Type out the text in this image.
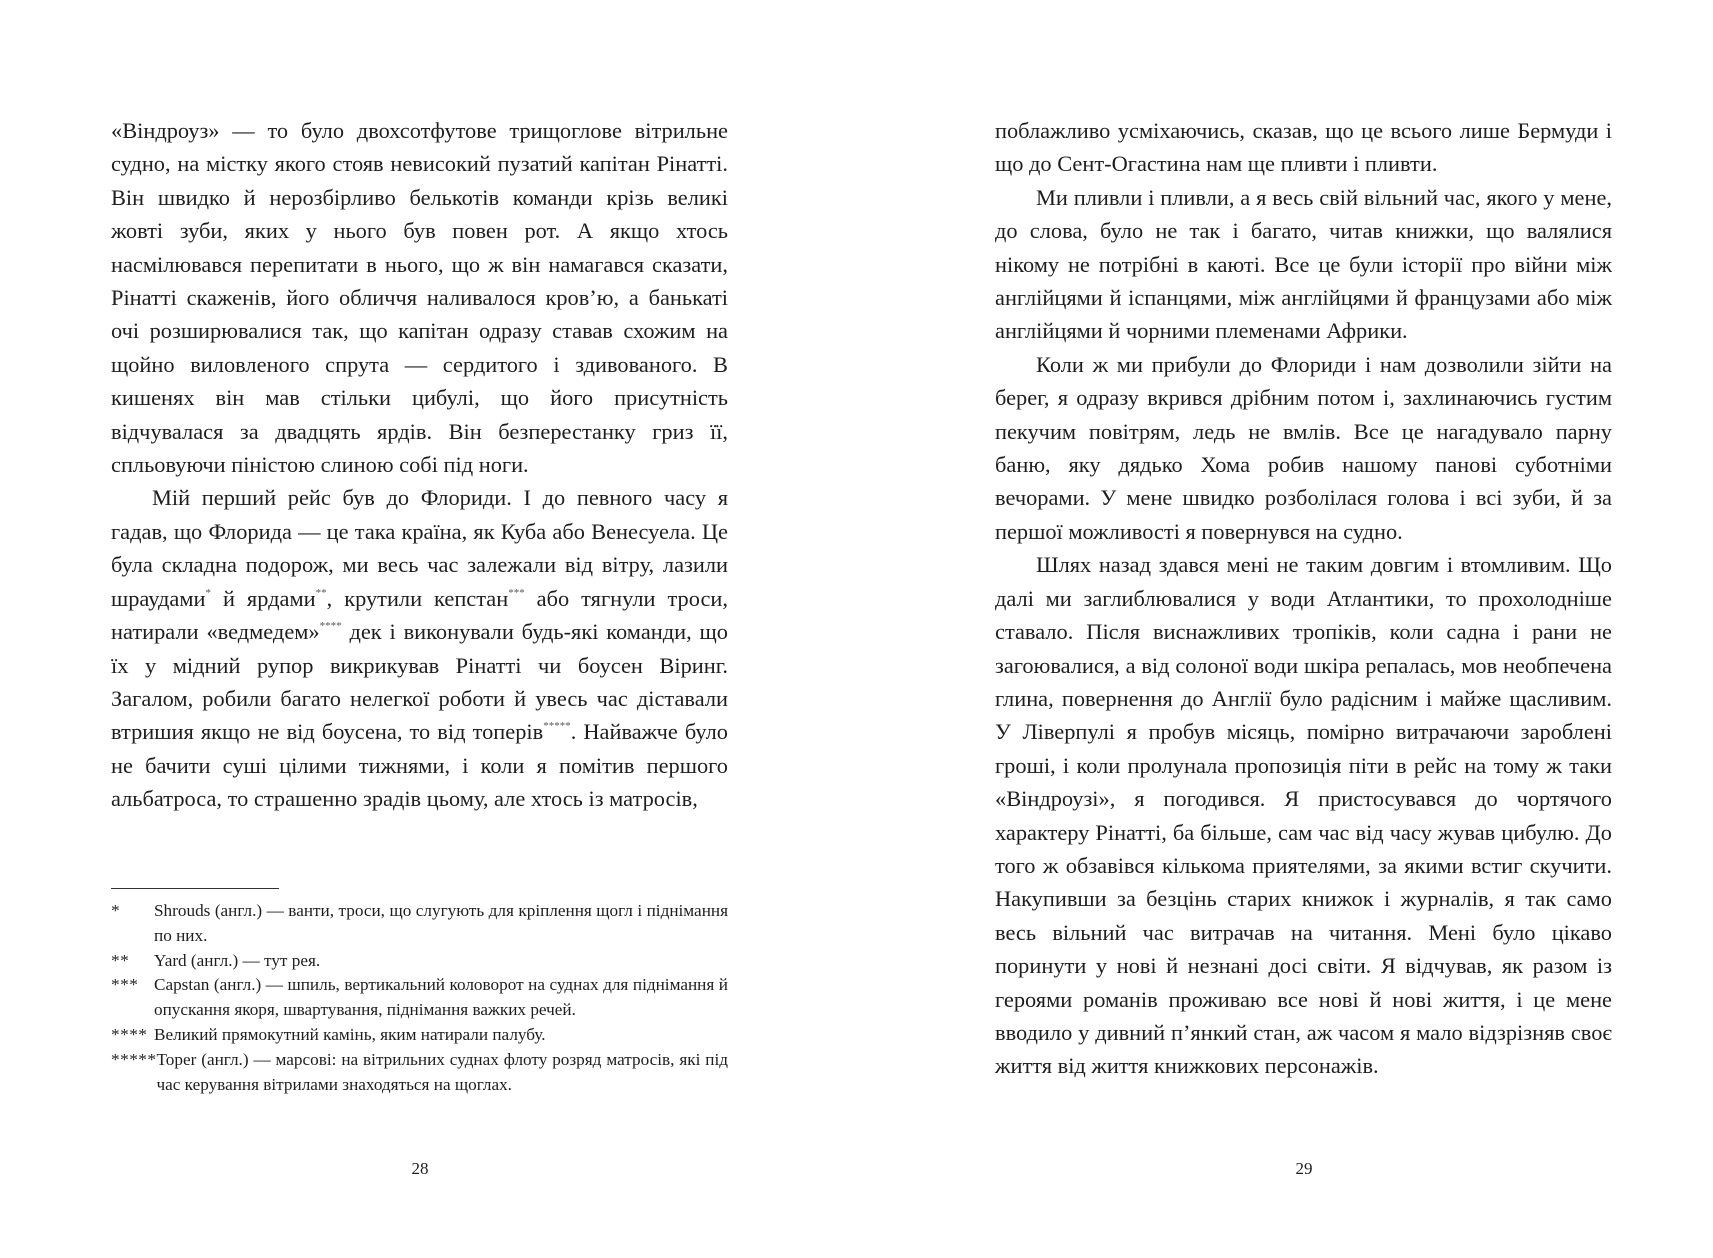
«Віндроуз» — то було двохсотфутове трищоглове вітрильне судно, на містку якого стояв невисокий пузатий капітан Рінатті. Він швидко й нерозбірливо белькотів команди крізь великі жовті зуби, яких у нього був повен рот. А якщо хтось насмілювався перепитати в нього, що ж він намагався сказати, Рінатті скаженів, його обличчя наливалося кров’ю, а банькаті очі розширювалися так, що капітан одразу ставав схожим на щойно виловленого спрута — сердитого і здивованого. В кишенях він мав стільки цибулі, що його присутність відчувалася за двадцять ярдів. Він безперестанку гриз її, спльовуючи піністою слиною собі під ноги.

Мій перший рейс був до Флориди. І до певного часу я гадав, що Флорида — це така країна, як Куба або Венесуела. Це була складна подорож, ми весь час залежали від вітру, лазили шраудами* й ярдами**, крутили кепстан*** або тягнули троси, натирали «ведмедем»**** дек і виконували будь-які команди, що їх у мідний рупор викрикував Рінатті чи боусен Віринг. Загалом, робили багато нелегкої роботи й увесь час діставали втришия якщо не від боусена, то від топерів*****. Найважче було не бачити суші цілими тижнями, і коли я помітив першого альбатроса, то страшенно зрадів цьому, але хтось із матросів,

*	Shrouds (англ.) — ванти, троси, що слугують для кріплення щогл і піднімання по них.
**	Yard (англ.) — тут рея.
*** Capstan (англ.) — шпиль, вертикальний коловорот на суднах для піднімання й опускання якоря, швартування, піднімання важких речей.
**** Великий прямокутний камінь, яким натирали палубу.
***** Toper (англ.) — марсові: на вітрильних суднах флоту розряд матросів, які під час керування вітрилами знаходяться на щоглах.
28

поблажливо усміхаючись, сказав, що це всього лише Бермуди і що до Сент-Огастина нам ще пливти і пливти.

Ми пливли і пливли, а я весь свій вільний час, якого у мене, до слова, було не так і багато, читав книжки, що валялися нікому не потрібні в каюті. Все це були історії про війни між англійцями й іспанцями, між англійцями й французами або між англійцями й чорними племенами Африки.

Коли ж ми прибули до Флориди і нам дозволили зійти на берег, я одразу вкрився дрібним потом і, захлинаючись густим пекучим повітрям, ледь не вмлів. Все це нагадувало парну баню, яку дядько Хома робив нашому панові суботніми вечорами. У мене швидко розболілася голова і всі зуби, й за першої можливості я повернувся на судно.

Шлях назад здався мені не таким довгим і втомливим. Що далі ми заглиблювалися у води Атлантики, то прохолодніше ставало. Після виснажливих тропіків, коли садна і рани не загоювалися, а від солоної води шкіра репалась, мов необпечена глина, повернення до Англії було радісним і майже щасливим. У Ліверпулі я пробув місяць, помірно витрачаючи зароблені гроші, і коли пролунала пропозиція піти в рейс на тому ж таки «Віндроузі», я погодився. Я пристосувався до чортячого характеру Рінатті, ба більше, сам час від часу жував цибулю. До того ж обзавівся кількома приятелями, за якими встиг скучити. Накупивши за безцінь старих книжок і журналів, я так само весь вільний час витрачав на читання. Мені було цікаво поринути у нові й незнані досі світи. Я відчував, як разом із героями романів проживаю все нові й нові життя, і це мене вводило у дивний п’янкий стан, аж часом я мало відзрізняв своє життя від життя книжкових персонажів.

29
